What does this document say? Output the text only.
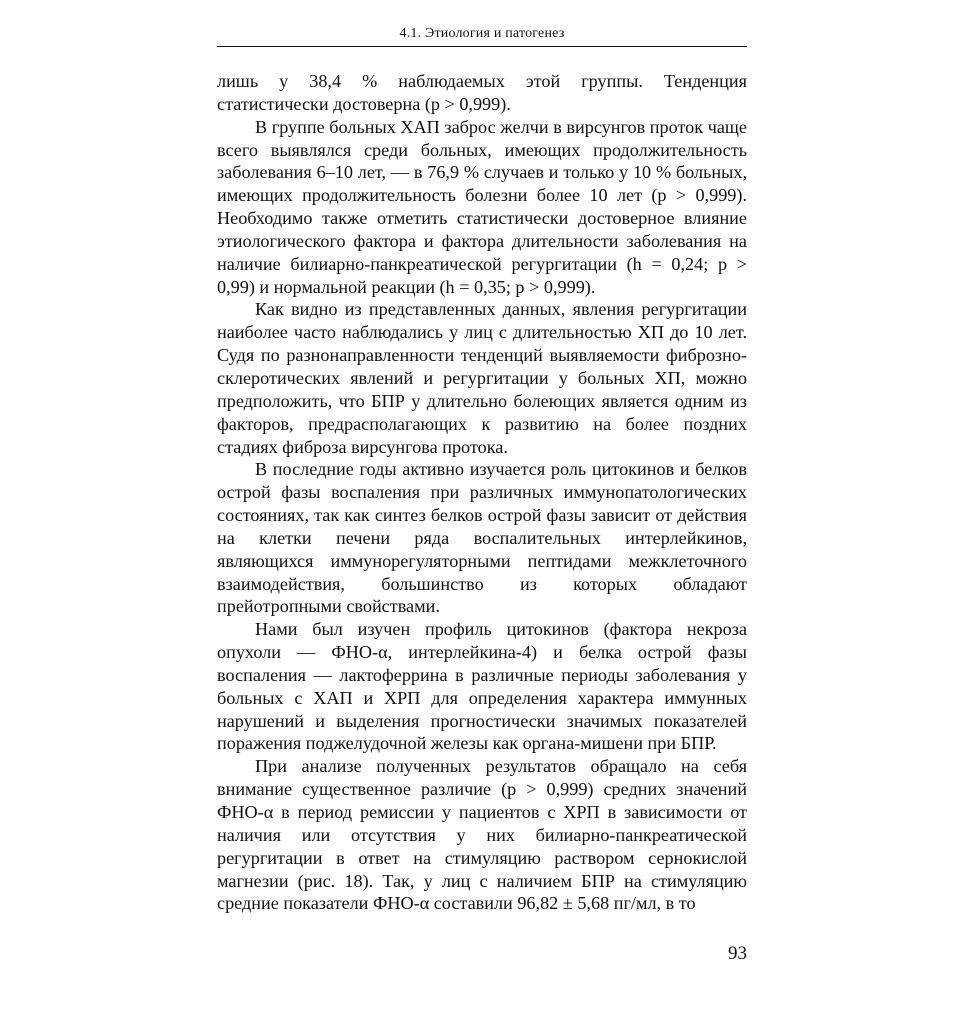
4.1. Этиология и патогенез

лишь у 38,4 % наблюдаемых этой группы. Тенденция статистически достоверна (p > 0,999).

В группе больных ХАП заброс желчи в вирсунгов проток чаще всего выявлялся среди больных, имеющих продолжительность заболевания 6–10 лет, — в 76,9 % случаев и только у 10 % больных, имеющих продолжительность болезни более 10 лет (p > 0,999). Необходимо также отметить статистически достоверное влияние этиологического фактора и фактора длительности заболевания на наличие билиарно-панкреатической регургитации (h = 0,24; p > 0,99) и нормальной реакции (h = 0,35; p > 0,999).

Как видно из представленных данных, явления регургитации наиболее часто наблюдались у лиц с длительностью ХП до 10 лет. Судя по разнонаправленности тенденций выявляемости фиброзно-склеротических явлений и регургитации у больных ХП, можно предположить, что БПР у длительно болеющих является одним из факторов, предрасполагающих к развитию на более поздних стадиях фиброза вирсунгова протока.

В последние годы активно изучается роль цитокинов и белков острой фазы воспаления при различных иммунопатологических состояниях, так как синтез белков острой фазы зависит от действия на клетки печени ряда воспалительных интерлейкинов, являющихся иммунорегуляторными пептидами межклеточного взаимодействия, большинство из которых обладают прейотропными свойствами.

Нами был изучен профиль цитокинов (фактора некроза опухоли — ФНО-α, интерлейкина-4) и белка острой фазы воспаления — лактоферрина в различные периоды заболевания у больных с ХАП и ХРП для определения характера иммунных нарушений и выделения прогностически значимых показателей поражения поджелудочной железы как органа-мишени при БПР.

При анализе полученных результатов обращало на себя внимание существенное различие (p > 0,999) средних значений ФНО-α в период ремиссии у пациентов с ХРП в зависимости от наличия или отсутствия у них билиарно-панкреатической регургитации в ответ на стимуляцию раствором сернокислой магнезии (рис. 18). Так, у лиц с наличием БПР на стимуляцию средние показатели ФНО-α составили 96,82 ± 5,68 пг/мл, в то

93
